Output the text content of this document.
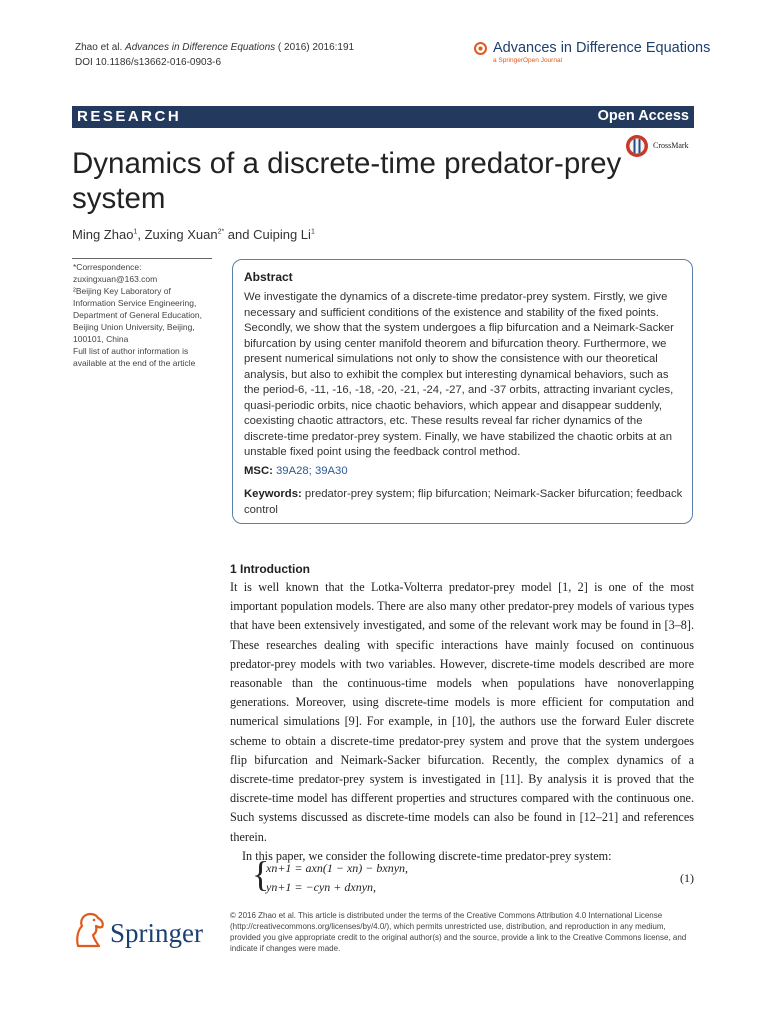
Zhao et al. Advances in Difference Equations ( 2016) 2016:191
DOI 10.1186/s13662-016-0903-6
Advances in Difference Equations
a SpringerOpen Journal
RESEARCH	Open Access
CrossMark
Dynamics of a discrete-time predator-prey system
Ming Zhao$^1$, Zuxing Xuan$^{2*}$ and Cuiping Li$^1$
*Correspondence:
zuxingxuan@163.com
²Beijing Key Laboratory of
Information Service Engineering,
Department of General Education,
Beijing Union University, Beijing,
100101, China
Full list of author information is
available at the end of the article
Abstract
We investigate the dynamics of a discrete-time predator-prey system. Firstly, we give necessary and sufficient conditions of the existence and stability of the fixed points. Secondly, we show that the system undergoes a flip bifurcation and a Neimark-Sacker bifurcation by using center manifold theorem and bifurcation theory. Furthermore, we present numerical simulations not only to show the consistence with our theoretical analysis, but also to exhibit the complex but interesting dynamical behaviors, such as the period-6, -11, -16, -18, -20, -21, -24, -27, and -37 orbits, attracting invariant cycles, quasi-periodic orbits, nice chaotic behaviors, which appear and disappear suddenly, coexisting chaotic attractors, etc. These results reveal far richer dynamics of the discrete-time predator-prey system. Finally, we have stabilized the chaotic orbits at an unstable fixed point using the feedback control method.
MSC: 39A28; 39A30
Keywords: predator-prey system; flip bifurcation; Neimark-Sacker bifurcation; feedback control
1 Introduction

It is well known that the Lotka-Volterra predator-prey model [1, 2] is one of the most important population models. There are also many other predator-prey models of various types that have been extensively investigated, and some of the relevant work may be found in [3–8]. These researches dealing with specific interactions have mainly focused on continuous predator-prey models with two variables. However, discrete-time models described are more reasonable than the continuous-time models when populations have nonoverlapping generations. Moreover, using discrete-time models is more efficient for computation and numerical simulations [9]. For example, in [10], the authors use the forward Euler discrete scheme to obtain a discrete-time predator-prey system and prove that the system undergoes flip bifurcation and Neimark-Sacker bifurcation. Recently, the complex dynamics of a discrete-time predator-prey system is investigated in [11]. By analysis it is proved that the discrete-time model has different properties and structures compared with the continuous one. Such systems discussed as discrete-time models can also be found in [12–21] and references therein.

In this paper, we consider the following discrete-time predator-prey system:

{
xn+1 = axn(1 − xn) − bxnyn,
yn+1 = −cyn + dxnyn,
(1)
Springer
© 2016 Zhao et al. This article is distributed under the terms of the Creative Commons Attribution 4.0 International License (http://creativecommons.org/licenses/by/4.0/), which permits unrestricted use, distribution, and reproduction in any medium, provided you give appropriate credit to the original author(s) and the source, provide a link to the Creative Commons license, and indicate if changes were made.
